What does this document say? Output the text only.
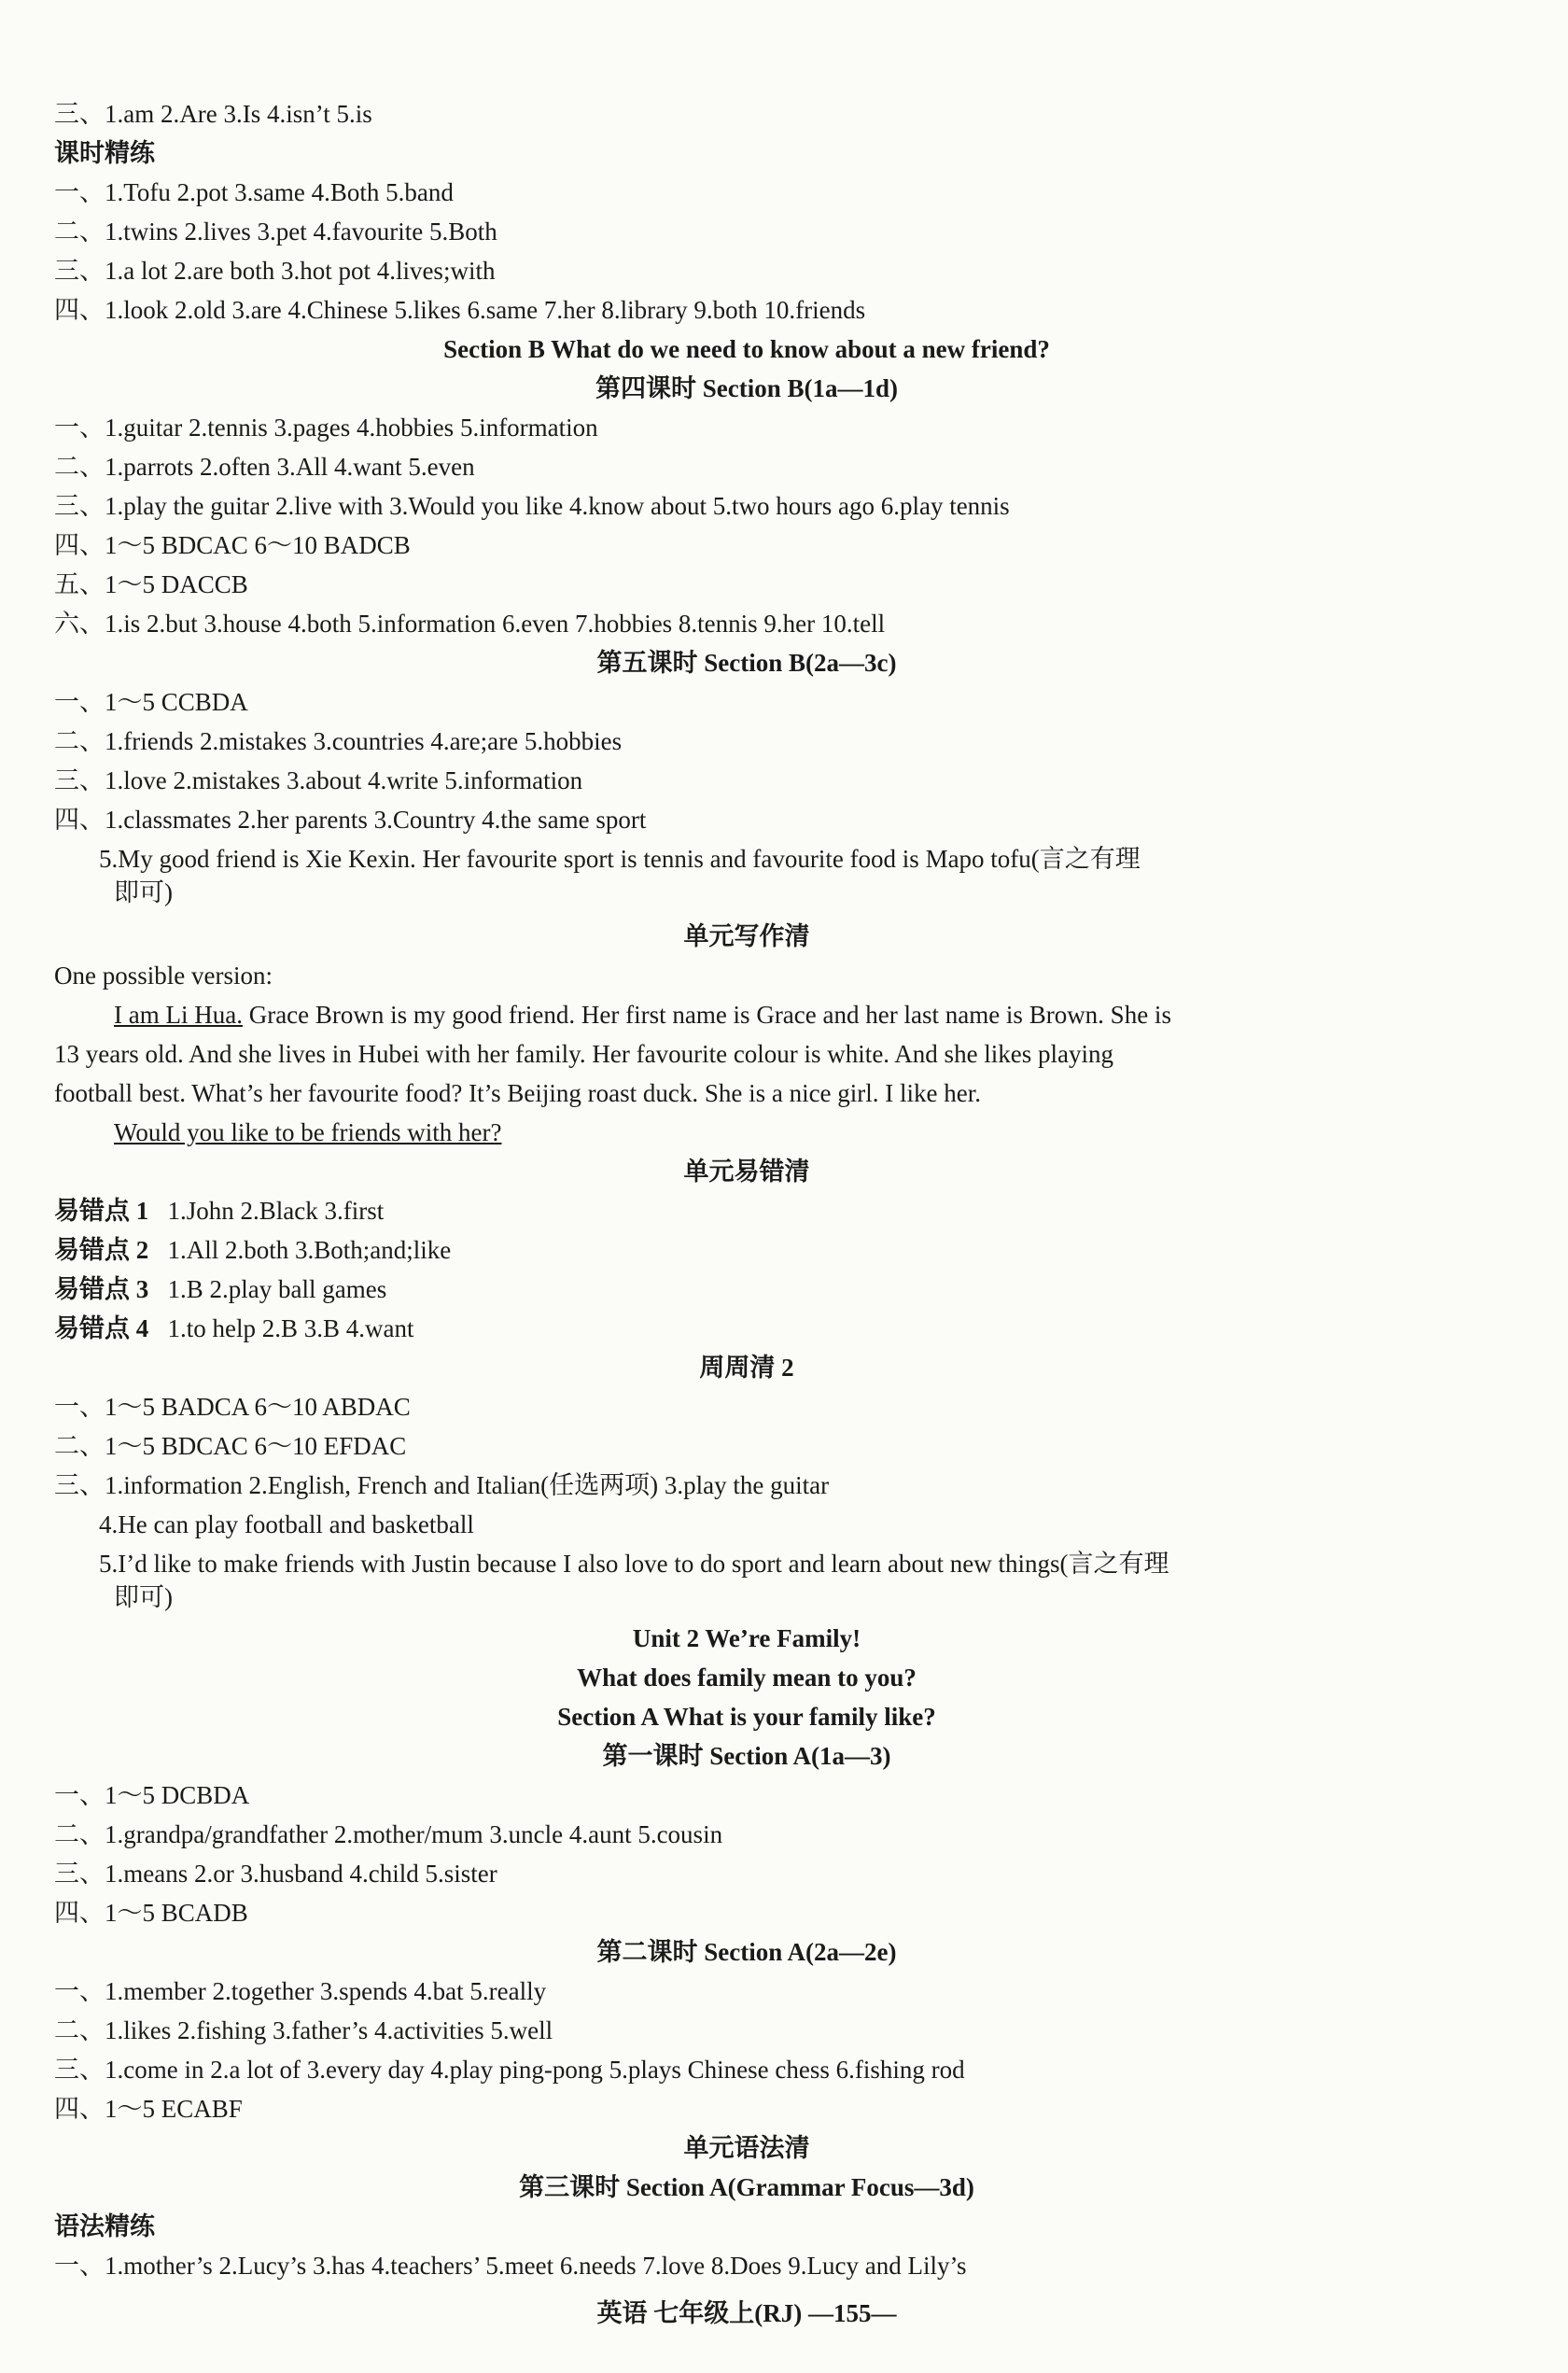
三、1.am 2.Are 3.Is 4.isn’t 5.is
课时精练
一、1.Tofu 2.pot 3.same 4.Both 5.band
二、1.twins 2.lives 3.pet 4.favourite 5.Both
三、1.a lot 2.are both 3.hot pot 4.lives;with
四、1.look 2.old 3.are 4.Chinese 5.likes 6.same 7.her 8.library 9.both 10.friends
Section B What do we need to know about a new friend?
第四课时 Section B(1a—1d)
一、1.guitar 2.tennis 3.pages 4.hobbies 5.information
二、1.parrots 2.often 3.All 4.want 5.even
三、1.play the guitar 2.live with 3.Would you like 4.know about 5.two hours ago 6.play tennis
四、1～5 BDCAC 6～10 BADCB
五、1～5 DACCB
六、1.is 2.but 3.house 4.both 5.information 6.even 7.hobbies 8.tennis 9.her 10.tell
第五课时 Section B(2a—3c)
一、1～5 CCBDA
二、1.friends 2.mistakes 3.countries 4.are;are 5.hobbies
三、1.love 2.mistakes 3.about 4.write 5.information
四、1.classmates 2.her parents 3.Country 4.the same sport
5.My good friend is Xie Kexin. Her favourite sport is tennis and favourite food is Mapo tofu(言之有理
即可)
单元写作清
One possible version:
I am Li Hua. Grace Brown is my good friend. Her first name is Grace and her last name is Brown. She is
13 years old. And she lives in Hubei with her family. Her favourite colour is white. And she likes playing
football best. What’s her favourite food? It’s Beijing roast duck. She is a nice girl. I like her.
Would you like to be friends with her?
单元易错清
易错点 1 1.John 2.Black 3.first
易错点 2 1.All 2.both 3.Both;and;like
易错点 3 1.B 2.play ball games
易错点 4 1.to help 2.B 3.B 4.want
周周清 2
一、1～5 BADCA 6～10 ABDAC
二、1～5 BDCAC 6～10 EFDAC
三、1.information 2.English, French and Italian(任选两项) 3.play the guitar
4.He can play football and basketball
5.I’d like to make friends with Justin because I also love to do sport and learn about new things(言之有理
即可)
Unit 2 We’re Family!
What does family mean to you?
Section A What is your family like?
第一课时 Section A(1a—3)
一、1～5 DCBDA
二、1.grandpa/grandfather 2.mother/mum 3.uncle 4.aunt 5.cousin
三、1.means 2.or 3.husband 4.child 5.sister
四、1～5 BCADB
第二课时 Section A(2a—2e)
一、1.member 2.together 3.spends 4.bat 5.really
二、1.likes 2.fishing 3.father’s 4.activities 5.well
三、1.come in 2.a lot of 3.every day 4.play ping-pong 5.plays Chinese chess 6.fishing rod
四、1～5 ECABF
单元语法清
第三课时 Section A(Grammar Focus—3d)
语法精练
一、1.mother’s 2.Lucy’s 3.has 4.teachers’ 5.meet 6.needs 7.love 8.Does 9.Lucy and Lily’s
英语 七年级上(RJ) —155—
